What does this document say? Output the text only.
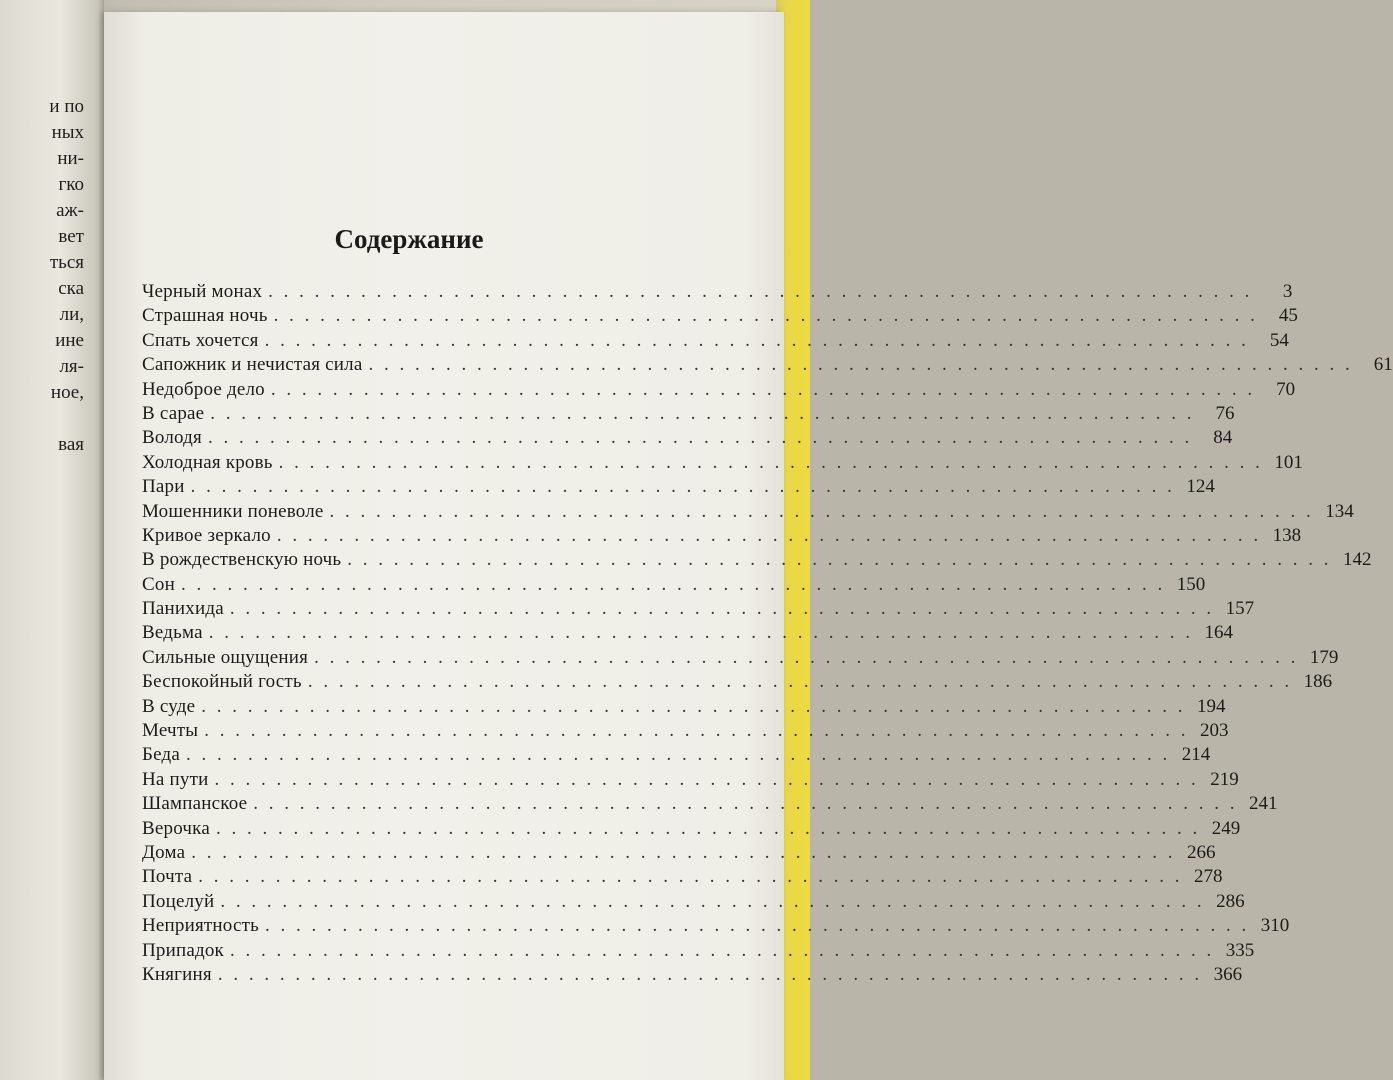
и по
ных
ни-
гко
аж-
вет
ться
ска
ли,
ине
ля-
ное,
вая
Содержание
Черный монах . . . . . . . . . . . . . . . . . . . . . . . . . . . . . . . . . . . . . . . . . . . . . . . . . . . . . . . . . . . . . . . .	3
Страшная ночь . . . . . . . . . . . . . . . . . . . . . . . . . . . . . . . . . . . . . . . . . . . . . . . . . . . . . . . . . . . . . . . .	45
Спать хочется . . . . . . . . . . . . . . . . . . . . . . . . . . . . . . . . . . . . . . . . . . . . . . . . . . . . . . . . . . . . . . . .	54
Сапожник и нечистая сила . . . . . . . . . . . . . . . . . . . . . . . . . . . . . . . . . . . . . . . . . . . . . . . . . . . . . . . . . . . . . . . .	61
Недоброе дело . . . . . . . . . . . . . . . . . . . . . . . . . . . . . . . . . . . . . . . . . . . . . . . . . . . . . . . . . . . . . . . .	70
В сарае . . . . . . . . . . . . . . . . . . . . . . . . . . . . . . . . . . . . . . . . . . . . . . . . . . . . . . . . . . . . . . . .	76
Володя . . . . . . . . . . . . . . . . . . . . . . . . . . . . . . . . . . . . . . . . . . . . . . . . . . . . . . . . . . . . . . . .	84
Холодная кровь . . . . . . . . . . . . . . . . . . . . . . . . . . . . . . . . . . . . . . . . . . . . . . . . . . . . . . . . . . . . . . . . 101
Пари . . . . . . . . . . . . . . . . . . . . . . . . . . . . . . . . . . . . . . . . . . . . . . . . . . . . . . . . . . . . . . . . 124
Мошенники поневоле . . . . . . . . . . . . . . . . . . . . . . . . . . . . . . . . . . . . . . . . . . . . . . . . . . . . . . . . . . . . . . . . 134
Кривое зеркало . . . . . . . . . . . . . . . . . . . . . . . . . . . . . . . . . . . . . . . . . . . . . . . . . . . . . . . . . . . . . . . . 138
В рождественскую ночь . . . . . . . . . . . . . . . . . . . . . . . . . . . . . . . . . . . . . . . . . . . . . . . . . . . . . . . . . . . . . . . . 142
Сон . . . . . . . . . . . . . . . . . . . . . . . . . . . . . . . . . . . . . . . . . . . . . . . . . . . . . . . . . . . . . . . . 150
Панихида . . . . . . . . . . . . . . . . . . . . . . . . . . . . . . . . . . . . . . . . . . . . . . . . . . . . . . . . . . . . . . . . 157
Ведьма . . . . . . . . . . . . . . . . . . . . . . . . . . . . . . . . . . . . . . . . . . . . . . . . . . . . . . . . . . . . . . . . 164
Сильные ощущения . . . . . . . . . . . . . . . . . . . . . . . . . . . . . . . . . . . . . . . . . . . . . . . . . . . . . . . . . . . . . . . . 179
Беспокойный гость . . . . . . . . . . . . . . . . . . . . . . . . . . . . . . . . . . . . . . . . . . . . . . . . . . . . . . . . . . . . . . . . 186
В суде . . . . . . . . . . . . . . . . . . . . . . . . . . . . . . . . . . . . . . . . . . . . . . . . . . . . . . . . . . . . . . . . 194
Мечты . . . . . . . . . . . . . . . . . . . . . . . . . . . . . . . . . . . . . . . . . . . . . . . . . . . . . . . . . . . . . . . . 203
Беда . . . . . . . . . . . . . . . . . . . . . . . . . . . . . . . . . . . . . . . . . . . . . . . . . . . . . . . . . . . . . . . . 214
На пути . . . . . . . . . . . . . . . . . . . . . . . . . . . . . . . . . . . . . . . . . . . . . . . . . . . . . . . . . . . . . . . . 219
Шампанское . . . . . . . . . . . . . . . . . . . . . . . . . . . . . . . . . . . . . . . . . . . . . . . . . . . . . . . . . . . . . . . . 241
Верочка . . . . . . . . . . . . . . . . . . . . . . . . . . . . . . . . . . . . . . . . . . . . . . . . . . . . . . . . . . . . . . . . 249
Дома . . . . . . . . . . . . . . . . . . . . . . . . . . . . . . . . . . . . . . . . . . . . . . . . . . . . . . . . . . . . . . . . 266
Почта . . . . . . . . . . . . . . . . . . . . . . . . . . . . . . . . . . . . . . . . . . . . . . . . . . . . . . . . . . . . . . . . 278
Поцелуй . . . . . . . . . . . . . . . . . . . . . . . . . . . . . . . . . . . . . . . . . . . . . . . . . . . . . . . . . . . . . . . . 286
Неприятность . . . . . . . . . . . . . . . . . . . . . . . . . . . . . . . . . . . . . . . . . . . . . . . . . . . . . . . . . . . . . . . . 310
Припадок . . . . . . . . . . . . . . . . . . . . . . . . . . . . . . . . . . . . . . . . . . . . . . . . . . . . . . . . . . . . . . . . 335
Княгиня . . . . . . . . . . . . . . . . . . . . . . . . . . . . . . . . . . . . . . . . . . . . . . . . . . . . . . . . . . . . . . . . 366
